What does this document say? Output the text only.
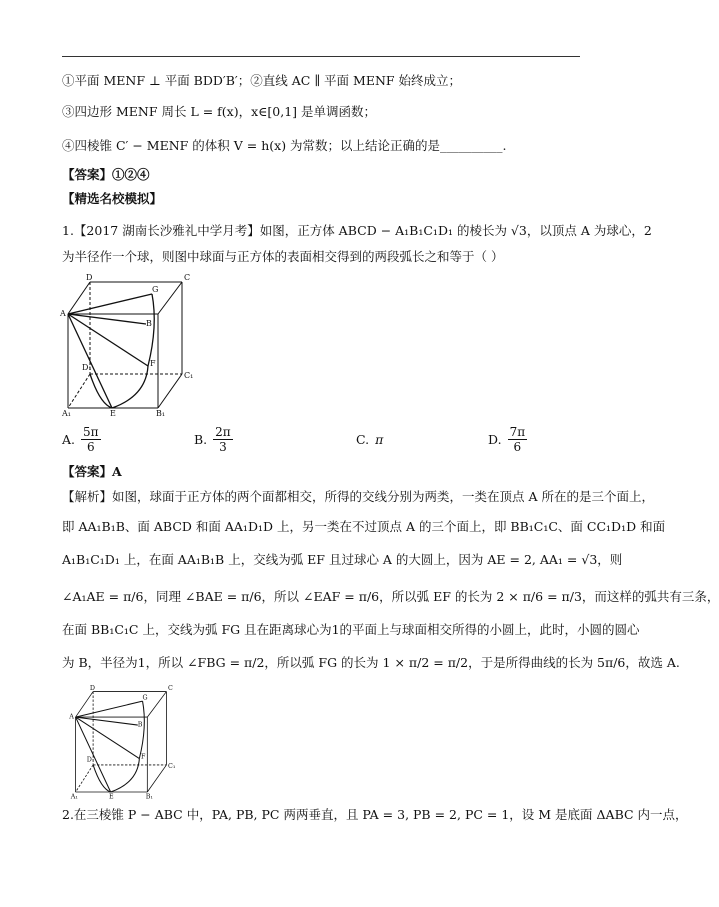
①平面 MENF ⊥ 平面 BDD′B′；②直线 AC ∥ 平面 MENF 始终成立；
③四边形 MENF 周长 L = f(x)，x∈[0,1] 是单调函数；
④四棱锥 C′ − MENF 的体积 V = h(x) 为常数；以上结论正确的是__________.
【答案】①②④
【精选名校模拟】
1.【2017 湖南长沙雅礼中学月考】如图，正方体 ABCD − A₁B₁C₁D₁ 的棱长为 √3，以顶点 A 为球心，2
为半径作一个球，则图中球面与正方体的表面相交得到的两段弧长之和等于（ ）
D
G
C
A
B
D₁	F
C₁
A₁	E	B₁
A. $\frac{5\pi}{6}$	B. $\frac{2\pi}{3}$	C. π	D. $\frac{7\pi}{6}$
【答案】A
【解析】如图，球面于正方体的两个面都相交，所得的交线分别为两类，一类在顶点 A 所在的是三个面上，
即 AA₁B₁B、面 ABCD 和面 AA₁D₁D 上，另一类在不过顶点 A 的三个面上，即 BB₁C₁C、面 CC₁D₁D 和面
A₁B₁C₁D₁ 上，在面 AA₁B₁B 上，交线为弧 EF 且过球心 A 的大圆上，因为 AE = 2, AA₁ = √3，则
∠A₁AE = π/6，同理 ∠BAE = π/6，所以 ∠EAF = π/6，所以弧 EF 的长为 2 × π/6 = π/3，而这样的弧共有三条，
在面 BB₁C₁C 上，交线为弧 FG 且在距离球心为1的平面上与球面相交所得的小圆上，此时，小圆的圆心
为 B，半径为1，所以 ∠FBG = π/2，所以弧 FG 的长为 1 × π/2 = π/2，于是所得曲线的长为 5π/6，故选 A.
D
G
C
A
B
D₁	F
C₁
A₁	E	B₁
2.在三棱锥 P − ABC 中，PA, PB, PC 两两垂直，且 PA = 3, PB = 2, PC = 1，设 M 是底面 ΔABC 内一点，
